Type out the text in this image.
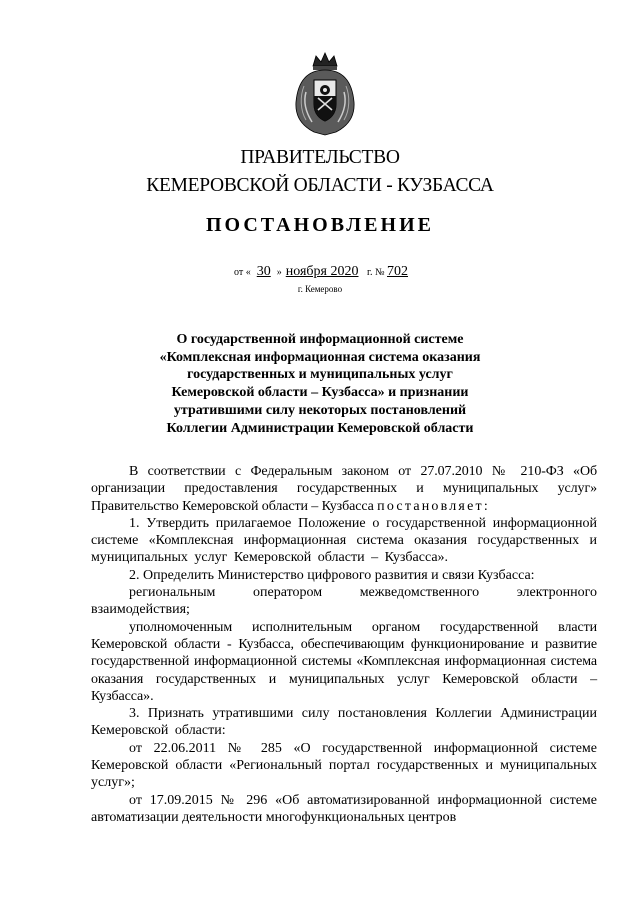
ПРАВИТЕЛЬСТВО
КЕМЕРОВСКОЙ ОБЛАСТИ - КУЗБАССА
ПОСТАНОВЛЕНИЕ
от « 30 » ноября 2020 г. № 702
г. Кемерово
О государственной информационной системе
«Комплексная информационная система оказания
государственных и муниципальных услуг
Кемеровской области – Кузбасса» и признании
утратившими силу некоторых постановлений
Коллегии Администрации Кемеровской области

В соответствии с Федеральным законом от 27.07.2010 № 210-ФЗ «Об организации предоставления государственных и муниципальных услуг» Правительство Кемеровской области – Кузбасса постановляет:

1. Утвердить прилагаемое Положение о государственной информационной системе «Комплексная информационная система оказания государственных и муниципальных услуг Кемеровской области – Кузбасса».

2. Определить Министерство цифрового развития и связи Кузбасса:

региональным оператором межведомственного электронного взаимодействия;

уполномоченным исполнительным органом государственной власти Кемеровской области - Кузбасса, обеспечивающим функционирование и развитие государственной информационной системы «Комплексная информационная система оказания государственных и муниципальных услуг Кемеровской области – Кузбасса».

3. Признать утратившими силу постановления Коллегии Администрации Кемеровской области:

от 22.06.2011 № 285 «О государственной информационной системе Кемеровской области «Региональный портал государственных и муниципальных услуг»;

от 17.09.2015 № 296 «Об автоматизированной информационной системе автоматизации деятельности многофункциональных центров
